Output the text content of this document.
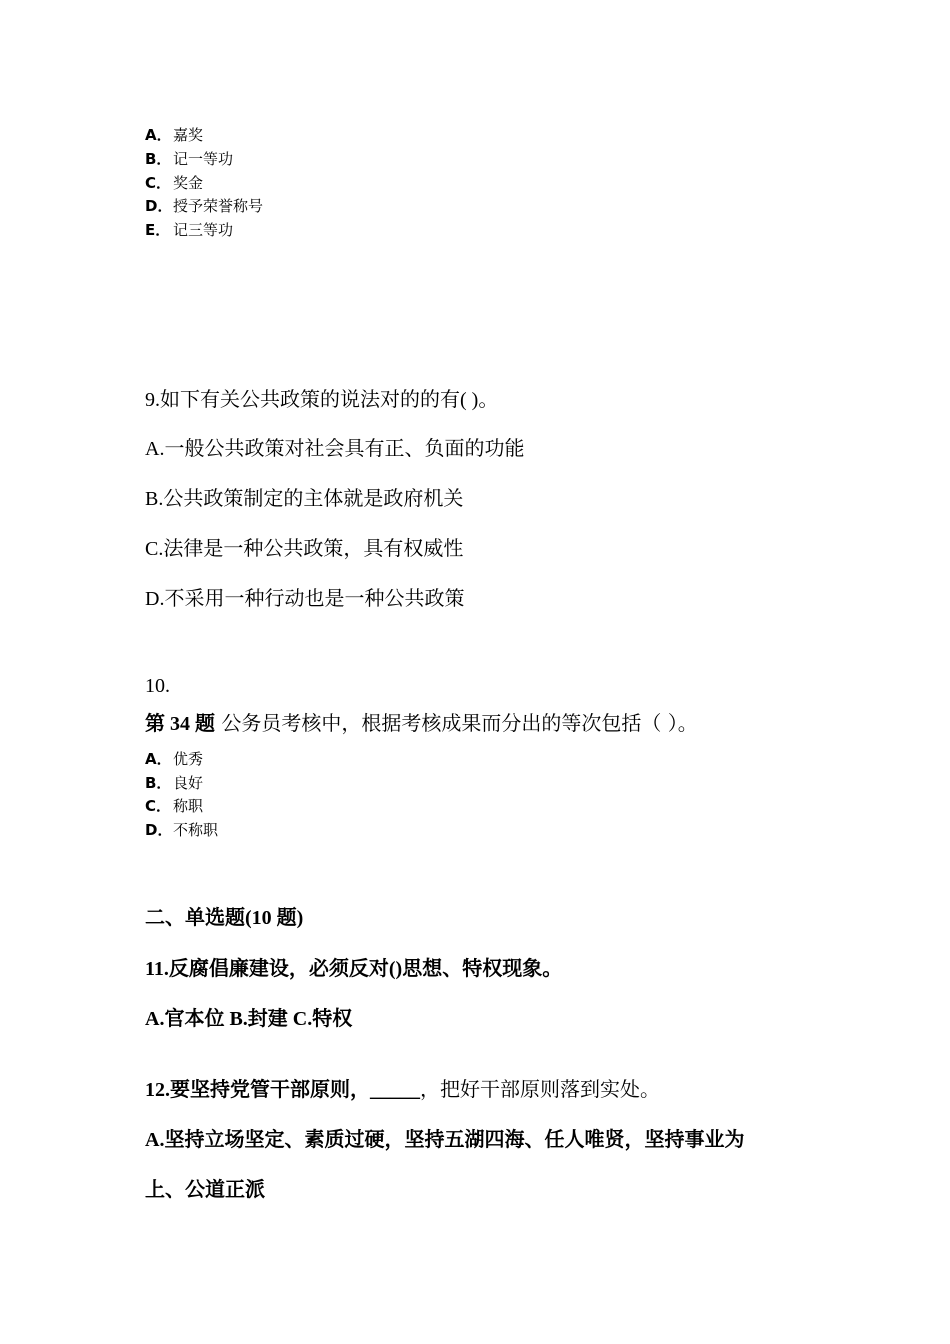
A．嘉奖
B． 记一等功
C． 奖金
D．授予荣誉称号
E． 记三等功
9.如下有关公共政策的说法对的的有( )。
A.一般公共政策对社会具有正、负面的功能
B.公共政策制定的主体就是政府机关
C.法律是一种公共政策，具有权威性
D.不采用一种行动也是一种公共政策
10.
第 34 题 公务员考核中，根据考核成果而分出的等次包括（ ）。
A．优秀
B． 良好
C． 称职
D．不称职
二、单选题(10 题)
11.反腐倡廉建设，必须反对()思想、特权现象。
A.官本位 B.封建 C.特权
12.要坚持党管干部原则，_____，把好干部原则落到实处。
A.坚持立场坚定、素质过硬，坚持五湖四海、任人唯贤，坚持事业为
上、公道正派
